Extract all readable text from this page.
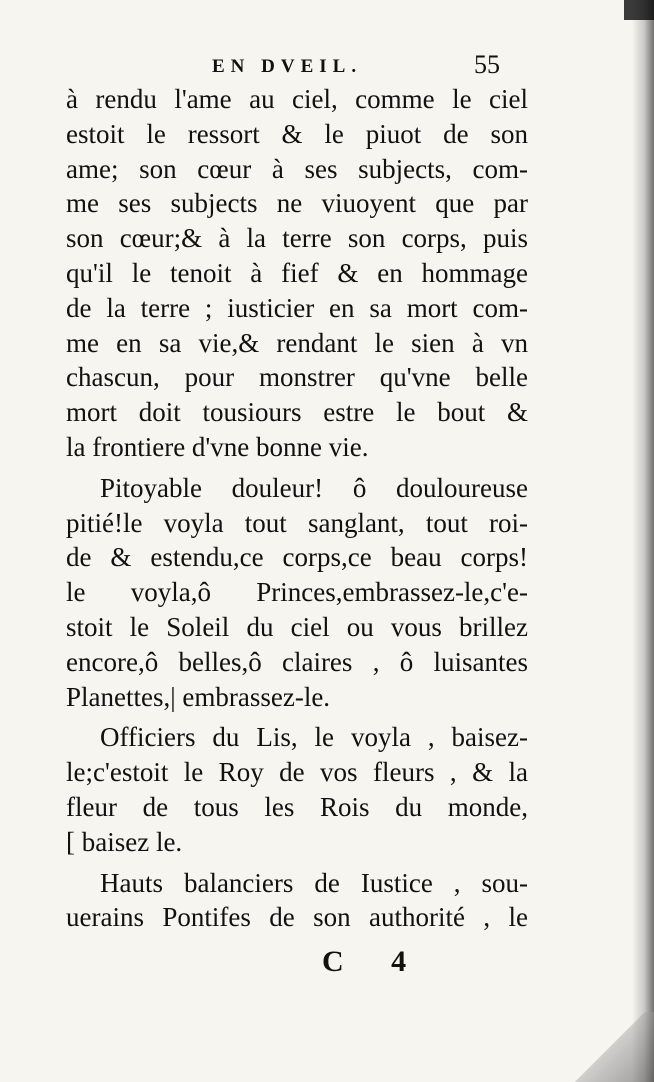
EN DVEIL.	55
à rendu l'ame au ciel, comme le ciel
estoit le ressort & le piuot de son
ame; son cœur à ses subjects, com-
me ses subjects ne viuoyent que par
son cœur;& à la terre son corps, puis
qu'il le tenoit à fief & en hommage
de la terre ; iusticier en sa mort com-
me en sa vie,& rendant le sien à vn
chascun, pour monstrer qu'vne belle
mort doit tousiours estre le bout &
la frontiere d'vne bonne vie.
Pitoyable douleur! ô douloureuse
pitié!le voyla tout sanglant, tout roi-
de & estendu,ce corps,ce beau corps!
le voyla,ô Princes,embrassez-le,c'e-
stoit le Soleil du ciel ou vous brillez
encore,ô belles,ô claires , ô luisantes
Planettes,| embrassez-le.
Officiers du Lis, le voyla , baisez-
le;c'estoit le Roy de vos fleurs , & la
fleur de tous les Rois du monde,
[ baisez le.
Hauts balanciers de Iustice , sou-
uerains Pontifes de son authorité , le
C 4
